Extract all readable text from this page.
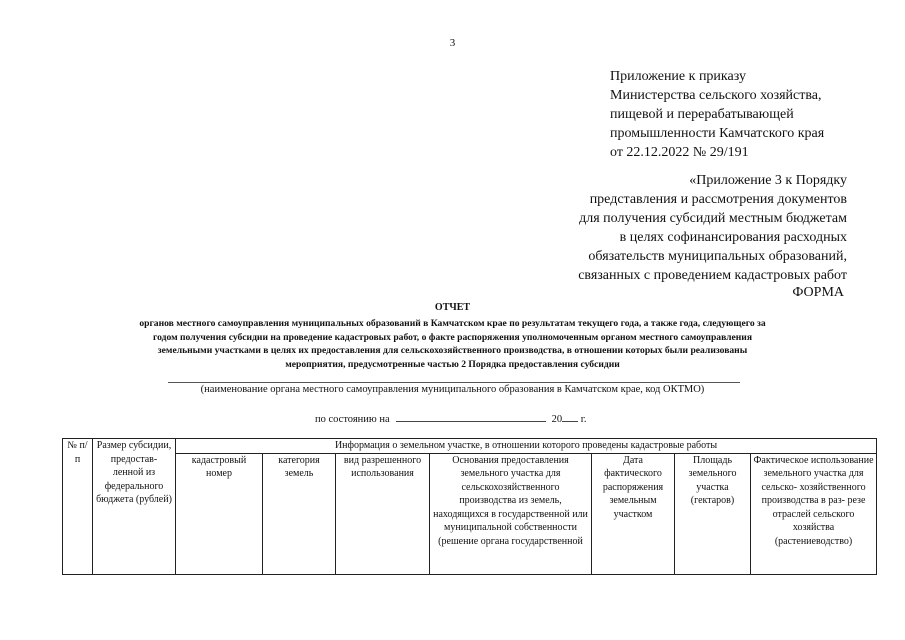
3
Приложение к приказу
Министерства сельского хозяйства,
пищевой и перерабатывающей
промышленности Камчатского края
от 22.12.2022 № 29/191
«Приложение 3 к Порядку
представления и рассмотрения документов
для получения субсидий местным бюджетам
в целях софинансирования расходных
обязательств муниципальных образований,
связанных с проведением кадастровых работ
ФОРМА
ОТЧЕТ
органов местного самоуправления муниципальных образований в Камчатском крае по результатам текущего года, а также года, следующего за
годом получения субсидии на проведение кадастровых работ, о факте распоряжения уполномоченным органом местного самоуправления
земельными участками в целях их предоставления для сельскохозяйственного производства, в отношении которых были реализованы
мероприятия, предусмотренные частью 2 Порядка предоставления субсидии
(наименование органа местного самоуправления муниципального образования в Камчатском крае, код ОКТМО)
по состоянию на	20 г.
№ п/п	Размер субсидии, предостав- ленной из федерального бюджета (рублей)	Информация о земельном участке, в отношении которого проведены кадастровые работы						

		кадастровый номер	категория земель	вид разрешенного использования	Основания предоставления земельного участка для сельскохозяйственного производства из земель, находящихся в государственной или муниципальной собственности (решение органа государственной	Дата фактического распоряжения земельным участком	Площадь земельного участка (гектаров)	Фактическое использование земельного участка для сельско- хозяйственного производства в раз- резе отраслей сельского хозяйства (растениеводство)
